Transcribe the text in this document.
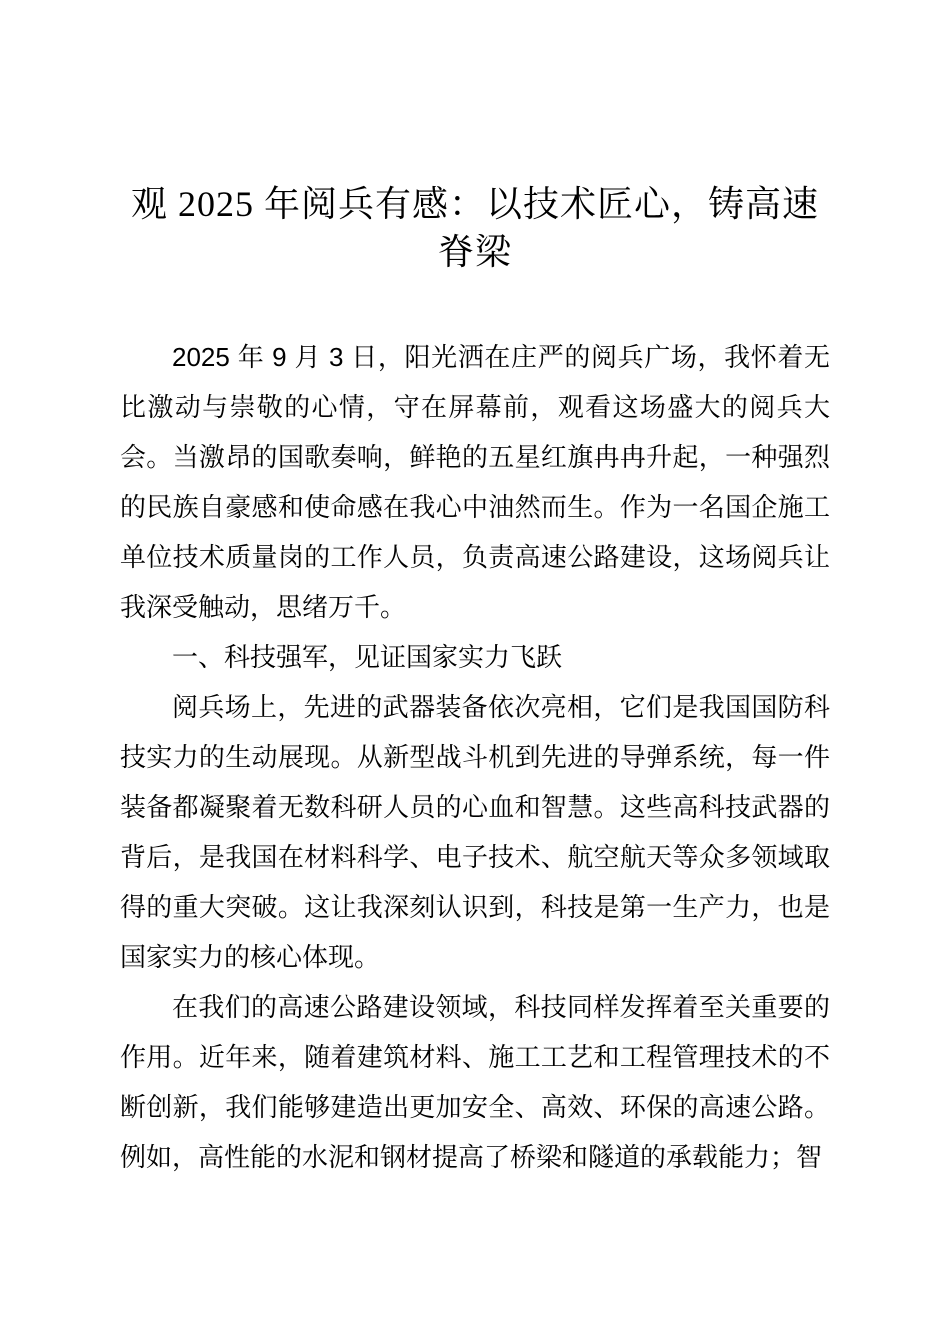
观 2025 年阅兵有感：以技术匠心，铸高速脊梁

2025 年 9 月 3 日，阳光洒在庄严的阅兵广场，我怀着无比激动与崇敬的心情，守在屏幕前，观看这场盛大的阅兵大会。当激昂的国歌奏响，鲜艳的五星红旗冉冉升起，一种强烈的民族自豪感和使命感在我心中油然而生。作为一名国企施工单位技术质量岗的工作人员，负责高速公路建设，这场阅兵让我深受触动，思绪万千。

一、科技强军，见证国家实力飞跃

阅兵场上，先进的武器装备依次亮相，它们是我国国防科技实力的生动展现。从新型战斗机到先进的导弹系统，每一件装备都凝聚着无数科研人员的心血和智慧。这些高科技武器的背后，是我国在材料科学、电子技术、航空航天等众多领域取得的重大突破。这让我深刻认识到，科技是第一生产力，也是国家实力的核心体现。

在我们的高速公路建设领域，科技同样发挥着至关重要的作用。近年来，随着建筑材料、施工工艺和工程管理技术的不断创新，我们能够建造出更加安全、高效、环保的高速公路。例如，高性能的水泥和钢材提高了桥梁和隧道的承载能力；智
